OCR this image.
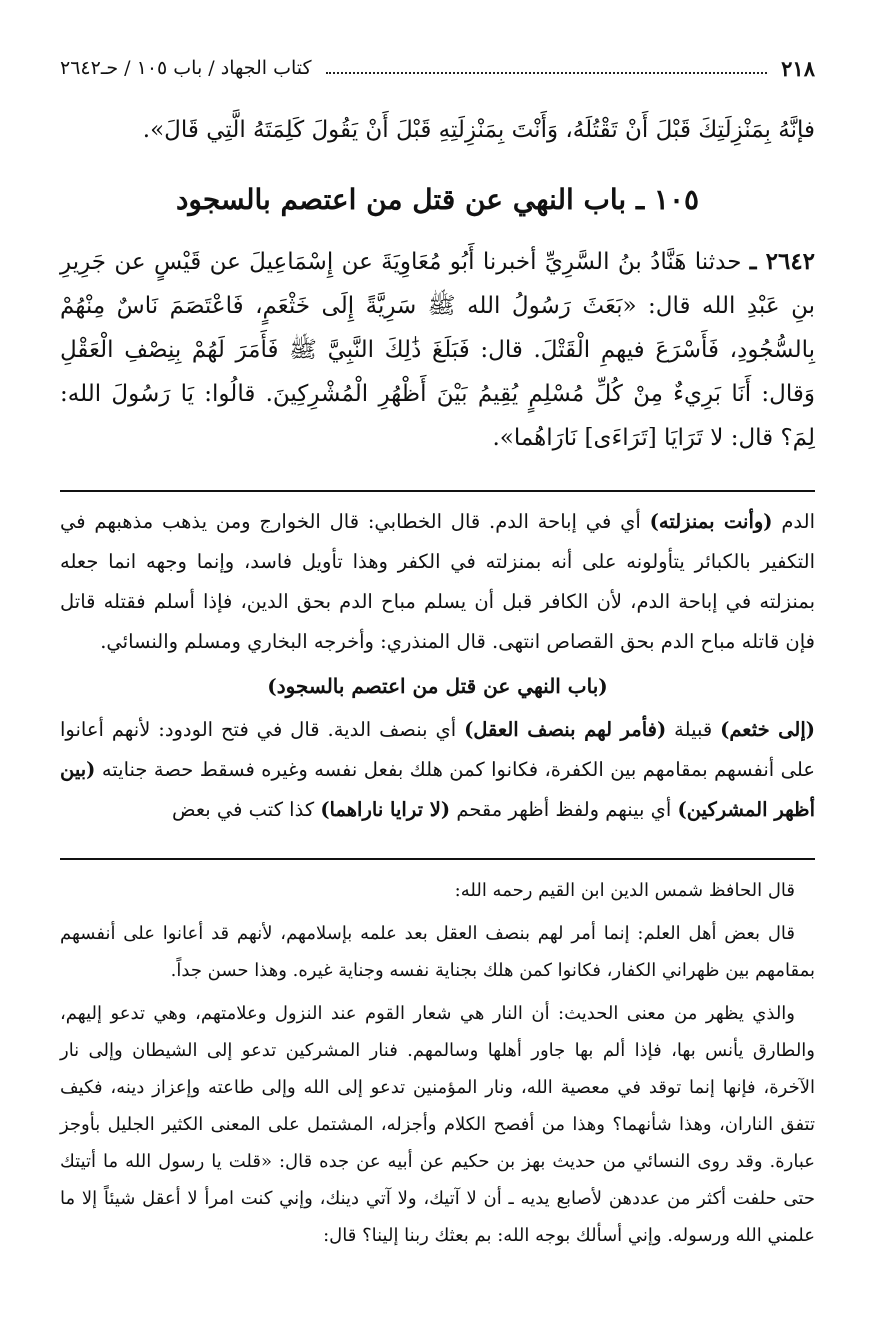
٢١٨
كتاب الجهاد / باب ١٠٥ / حـ٢٦٤٢
فإنَّهُ بِمَنْزِلَتِكَ قَبْلَ أَنْ تَقْتُلَهُ، وَأَنْتَ بِمَنْزِلَتِهِ قَبْلَ أَنْ يَقُولَ كَلِمَتَهُ الَّتِي قَالَ».
١٠٥ ـ باب النهي عن قتل من اعتصم بالسجود
٢٦٤٢ ـ حدثنا هَنَّادُ بنُ السَّرِيِّ أخبرنا أَبُو مُعَاوِيَةَ عن إِسْمَاعِيلَ عن قَيْسٍ عن جَرِيرِ بنِ عَبْدِ الله قال: «بَعَثَ رَسُولُ الله ﷺ سَرِيَّةً إِلَى خَثْعَمٍ، فَاعْتَصَمَ نَاسٌ مِنْهُمْ بِالسُّجُودِ، فَأَسْرَعَ فيهمِ الْقَتْلَ. قال: فَبَلَغَ ذَٰلِكَ النَّبِيَّ ﷺ فَأَمَرَ لَهُمْ بِنِصْفِ الْعَقْلِ وَقال: أَنَا بَرِيءٌ مِنْ كُلِّ مُسْلِمٍ يُقِيمُ بَيْنَ أَظْهُرِ الْمُشْرِكِينَ. قالُوا: يَا رَسُولَ الله: لِمَ؟ قال: لا تَرَايَا [تَرَاءَى] نَارَاهُما».
الدم (وأنت بمنزلته) أي في إباحة الدم. قال الخطابي: قال الخوارج ومن يذهب مذهبهم في التكفير بالكبائر يتأولونه على أنه بمنزلته في الكفر وهذا تأويل فاسد، وإنما وجهه انما جعله بمنزلته في إباحة الدم، لأن الكافر قبل أن يسلم مباح الدم بحق الدين، فإذا أسلم فقتله قاتل فإن قاتله مباح الدم بحق القصاص انتهى. قال المنذري: وأخرجه البخاري ومسلم والنسائي.
(باب النهي عن قتل من اعتصم بالسجود)
(إلى خثعم) قبيلة (فأمر لهم بنصف العقل) أي بنصف الدية. قال في فتح الودود: لأنهم أعانوا على أنفسهم بمقامهم بين الكفرة، فكانوا كمن هلك بفعل نفسه وغيره فسقط حصة جنايته (بين أظهر المشركين) أي بينهم ولفظ أظهر مقحم (لا ترايا ناراهما) كذا كتب في بعض

قال الحافظ شمس الدين ابن القيم رحمه الله:

قال بعض أهل العلم: إنما أمر لهم بنصف العقل بعد علمه بإسلامهم، لأنهم قد أعانوا على أنفسهم بمقامهم بين ظهراني الكفار، فكانوا كمن هلك بجناية نفسه وجناية غيره. وهذا حسن جداً.

والذي يظهر من معنى الحديث: أن النار هي شعار القوم عند النزول وعلامتهم، وهي تدعو إليهم، والطارق يأنس بها، فإذا ألم بها جاور أهلها وسالمهم. فنار المشركين تدعو إلى الشيطان وإلى نار الآخرة، فإنها إنما توقد في معصية الله، ونار المؤمنين تدعو إلى الله وإلى طاعته وإعزاز دينه، فكيف تتفق الناران، وهذا شأنهما؟ وهذا من أفصح الكلام وأجزله، المشتمل على المعنى الكثير الجليل بأوجز عبارة. وقد روى النسائي من حديث بهز بن حكيم عن أبيه عن جده قال: «قلت يا رسول الله ما أتيتك حتى حلفت أكثر من عددهن لأصابع يديه ـ أن لا آتيك، ولا آتي دينك، وإني كنت امرأ لا أعقل شيئاً إلا ما علمني الله ورسوله. وإني أسألك بوجه الله: بم بعثك ربنا إلينا؟ قال:
